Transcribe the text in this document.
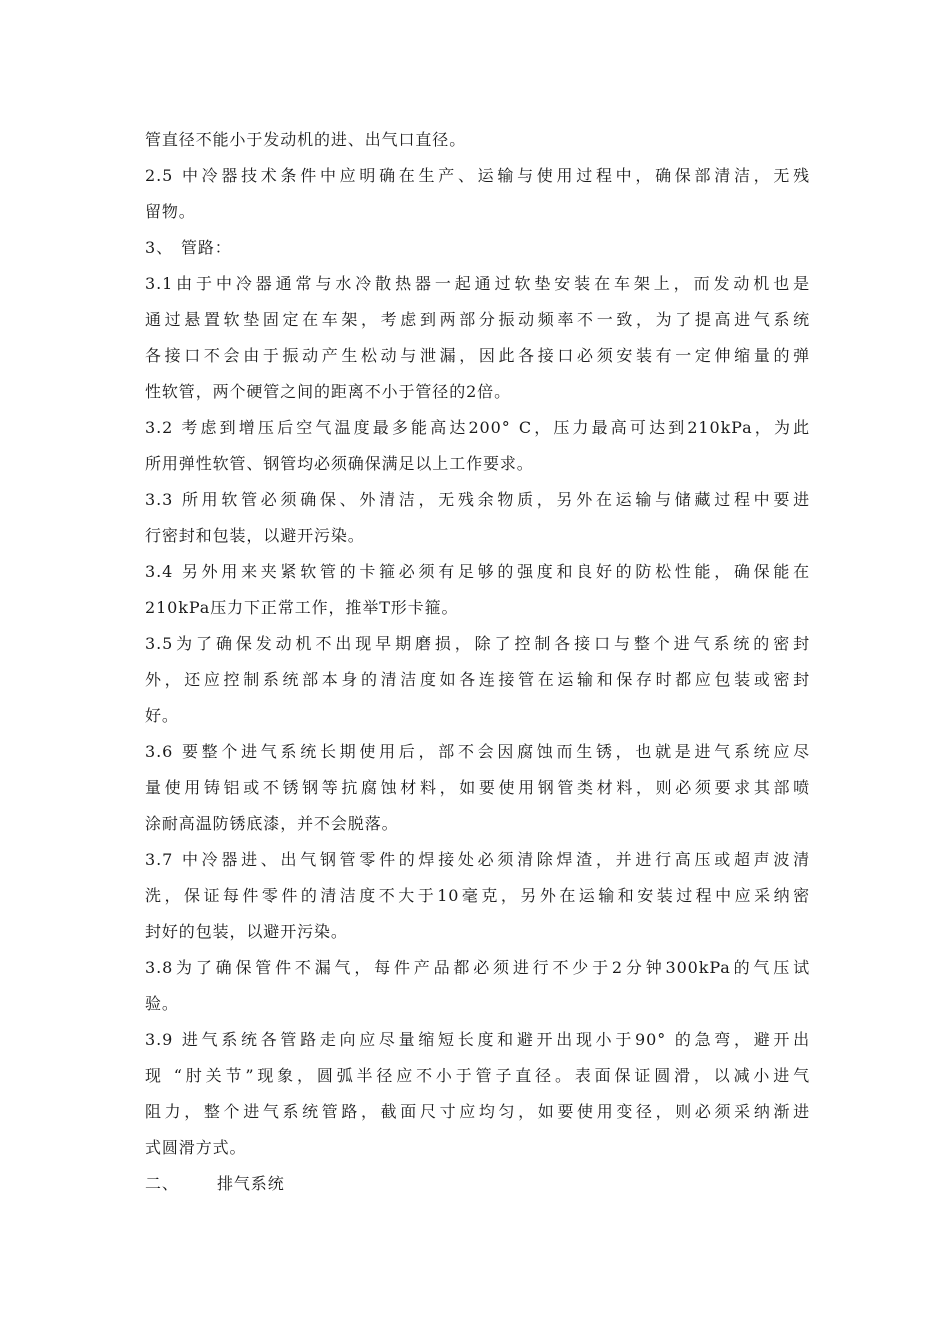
管直径不能小于发动机的进、出气口直径。
2.5 中冷器技术条件中应明确在生产、运输与使用过程中，确保部清洁，无残
留物。
3、 管路：
3.1由于中冷器通常与水冷散热器一起通过软垫安装在车架上，而发动机也是
通过悬置软垫固定在车架，考虑到两部分振动频率不一致，为了提高进气系统
各接口不会由于振动产生松动与泄漏，因此各接口必须安装有一定伸缩量的弹
性软管，两个硬管之间的距离不小于管径的2倍。
3.2 考虑到增压后空气温度最多能高达200° C，压力最高可达到210kPa，为此
所用弹性软管、钢管均必须确保满足以上工作要求。
3.3 所用软管必须确保、外清洁，无残余物质，另外在运输与储藏过程中要进
行密封和包装，以避开污染。
3.4 另外用来夹紧软管的卡箍必须有足够的强度和良好的防松性能，确保能在
210kPa压力下正常工作，推举T形卡箍。
3.5为了确保发动机不出现早期磨损，除了控制各接口与整个进气系统的密封
外，还应控制系统部本身的清洁度如各连接管在运输和保存时都应包装或密封
好。
3.6 要整个进气系统长期使用后，部不会因腐蚀而生锈，也就是进气系统应尽
量使用铸铝或不锈钢等抗腐蚀材料，如要使用钢管类材料，则必须要求其部喷
涂耐高温防锈底漆，并不会脱落。
3.7 中冷器进、出气钢管零件的焊接处必须清除焊渣，并进行高压或超声波清
洗，保证每件零件的清洁度不大于10毫克，另外在运输和安装过程中应采纳密
封好的包装，以避开污染。
3.8为了确保管件不漏气，每件产品都必须进行不少于2分钟300kPa的气压试
验。
3.9 进气系统各管路走向应尽量缩短长度和避开出现小于90° 的急弯，避开出
现 “肘关节”现象，圆弧半径应不小于管子直径。表面保证圆滑，以减小进气
阻力，整个进气系统管路，截面尺寸应均匀，如要使用变径，则必须采纳渐进
式圆滑方式。
二、 排气系统
